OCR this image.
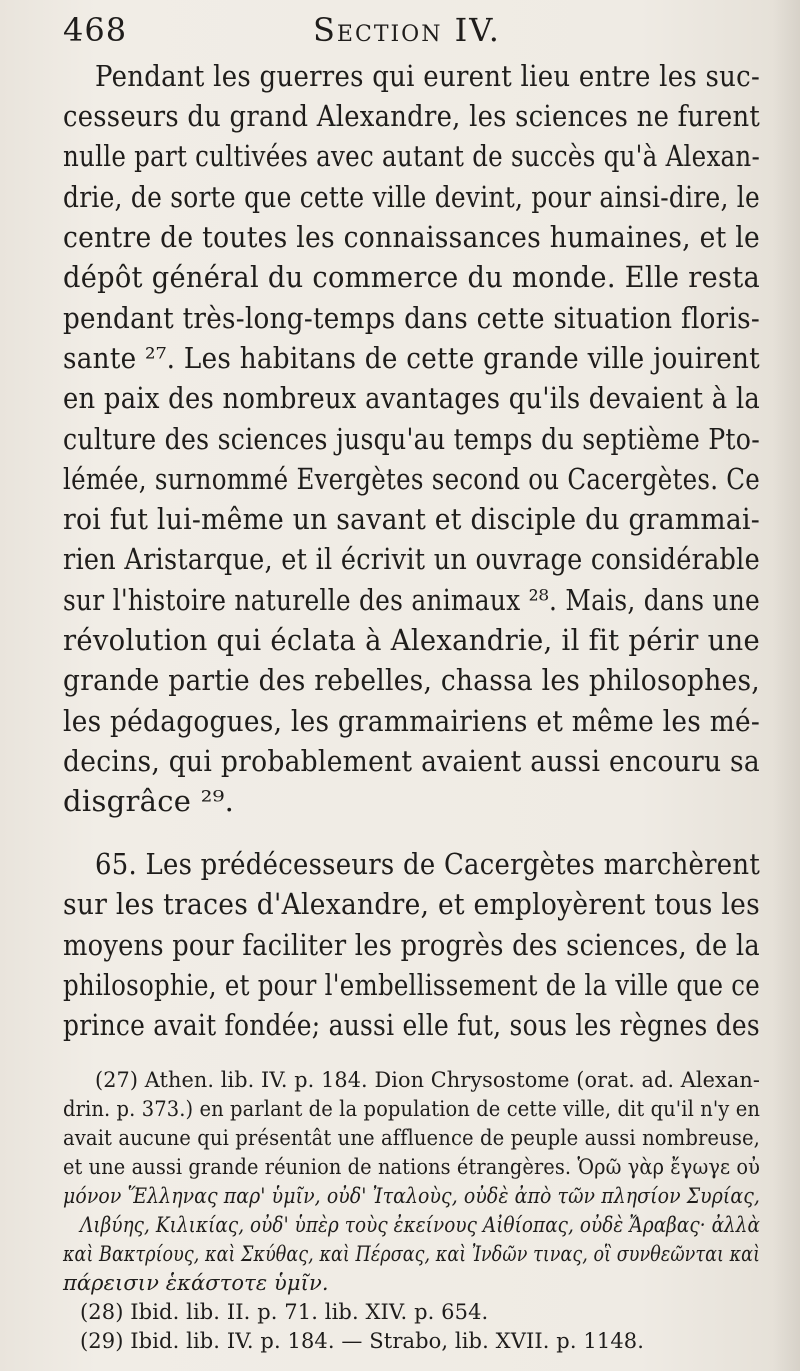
468	Section IV.
Pendant les guerres qui eurent lieu entre les suc-
cesseurs du grand Alexandre, les sciences ne furent
nulle part cultivées avec autant de succès qu'à Alexan-
drie, de sorte que cette ville devint, pour ainsi-dire, le
centre de toutes les connaissances humaines, et le
dépôt général du commerce du monde. Elle resta
pendant très-long-temps dans cette situation floris-
sante ²⁷. Les habitans de cette grande ville jouirent
en paix des nombreux avantages qu'ils devaient à la
culture des sciences jusqu'au temps du septième Pto-
lémée, surnommé Evergètes second ou Cacergètes. Ce
roi fut lui-même un savant et disciple du grammai-
rien Aristarque, et il écrivit un ouvrage considérable
sur l'histoire naturelle des animaux ²⁸. Mais, dans une
révolution qui éclata à Alexandrie, il fit périr une
grande partie des rebelles, chassa les philosophes,
les pédagogues, les grammairiens et même les mé-
decins, qui probablement avaient aussi encouru sa
disgrâce ²⁹.
65. Les prédécesseurs de Cacergètes marchèrent
sur les traces d'Alexandre, et employèrent tous les
moyens pour faciliter les progrès des sciences, de la
philosophie, et pour l'embellissement de la ville que ce
prince avait fondée; aussi elle fut, sous les règnes des
(27) Athen. lib. IV. p. 184. Dion Chrysostome (orat. ad. Alexan-
drin. p. 373.) en parlant de la population de cette ville, dit qu'il n'y en
avait aucune qui présentât une affluence de peuple aussi nombreuse,
et une aussi grande réunion de nations étrangères. Ὁρῶ γὰρ ἔγωγε οὐ
μόνον Ἕλληνας παρ' ὑμῖν, οὐδ' Ἰταλοὺς, οὐδὲ ἀπὸ τῶν πλησίον Συρίας,
Λιβύης, Κιλικίας, οὐδ' ὑπὲρ τοὺς ἐκείνους Αἰθίοπας, οὐδὲ Ἄραβας· ἀλλὰ
καὶ Βακτρίους, καὶ Σκύθας, καὶ Πέρσας, καὶ Ἰνδῶν τινας, οἳ συνθεῶνται καὶ
πάρεισιν ἑκάστοτε ὑμῖν.
(28) Ibid. lib. II. p. 71. lib. XIV. p. 654.
(29) Ibid. lib. IV. p. 184. — Strabo, lib. XVII. p. 1148.
